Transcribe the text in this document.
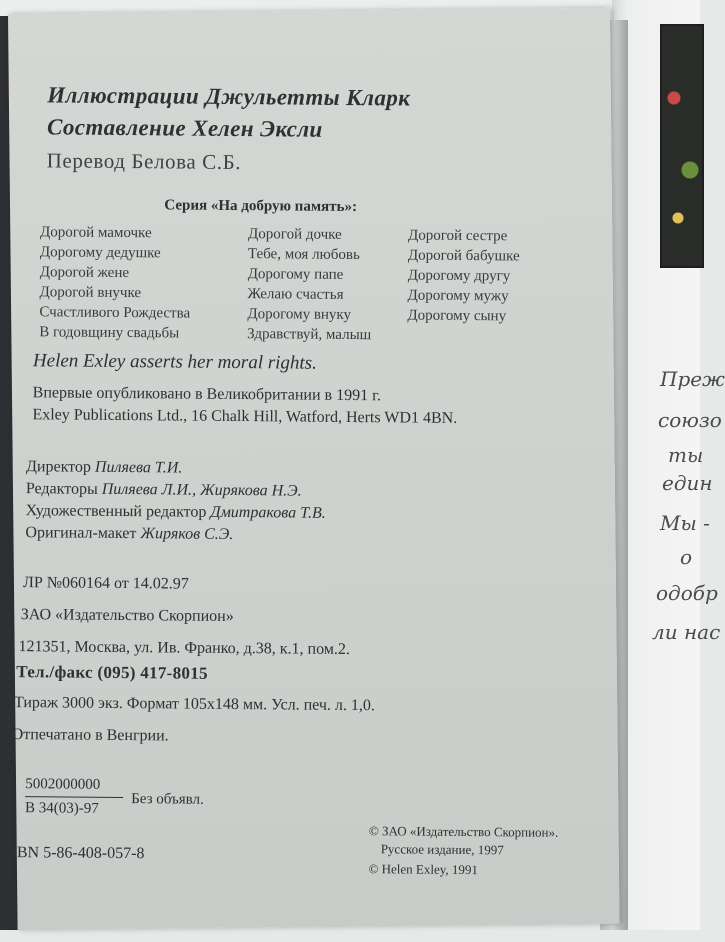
Преж
союзо
ты
един
Мы -
о
одобр
ли нас
Иллюстрации Джульетты Кларк
Составление Хелен Эксли
Перевод Белова С.Б.
Серия «На добрую память»:
Дорогой мамочке
Дорогому дедушке
Дорогой жене
Дорогой внучке
Счастливого Рождества
В годовщину свадьбы
Дорогой дочке
Тебе, моя любовь
Дорогому папе
Желаю счастья
Дорогому внуку
Здравствуй, малыш
Дорогой сестре
Дорогой бабушке
Дорогому другу
Дорогому мужу
Дорогому сыну
Helen Exley asserts her moral rights.
Впервые опубликовано в Великобритании в 1991 г.
Exley Publications Ltd., 16 Chalk Hill, Watford, Herts WD1 4BN.
Директор Пиляева Т.И.
Редакторы Пиляева Л.И., Жирякова Н.Э.
Художественный редактор Дмитракова Т.В.
Оригинал-макет Жиряков С.Э.
ЛР №060164 от 14.02.97
ЗАО «Издательство Скорпион»
121351, Москва, ул. Ив. Франко, д.38, к.1, пом.2.
Тел./факс (095) 417-8015
Тираж 3000 экз. Формат 105х148 мм. Усл. печ. л. 1,0.
Отпечатано в Венгрии.
Б
5002000000
В 34(03)-97
Без объявл.
© ЗАО «Издательство Скорпион».
Русское издание, 1997
© Helen Exley, 1991
ISBN 5-86-408-057-8
